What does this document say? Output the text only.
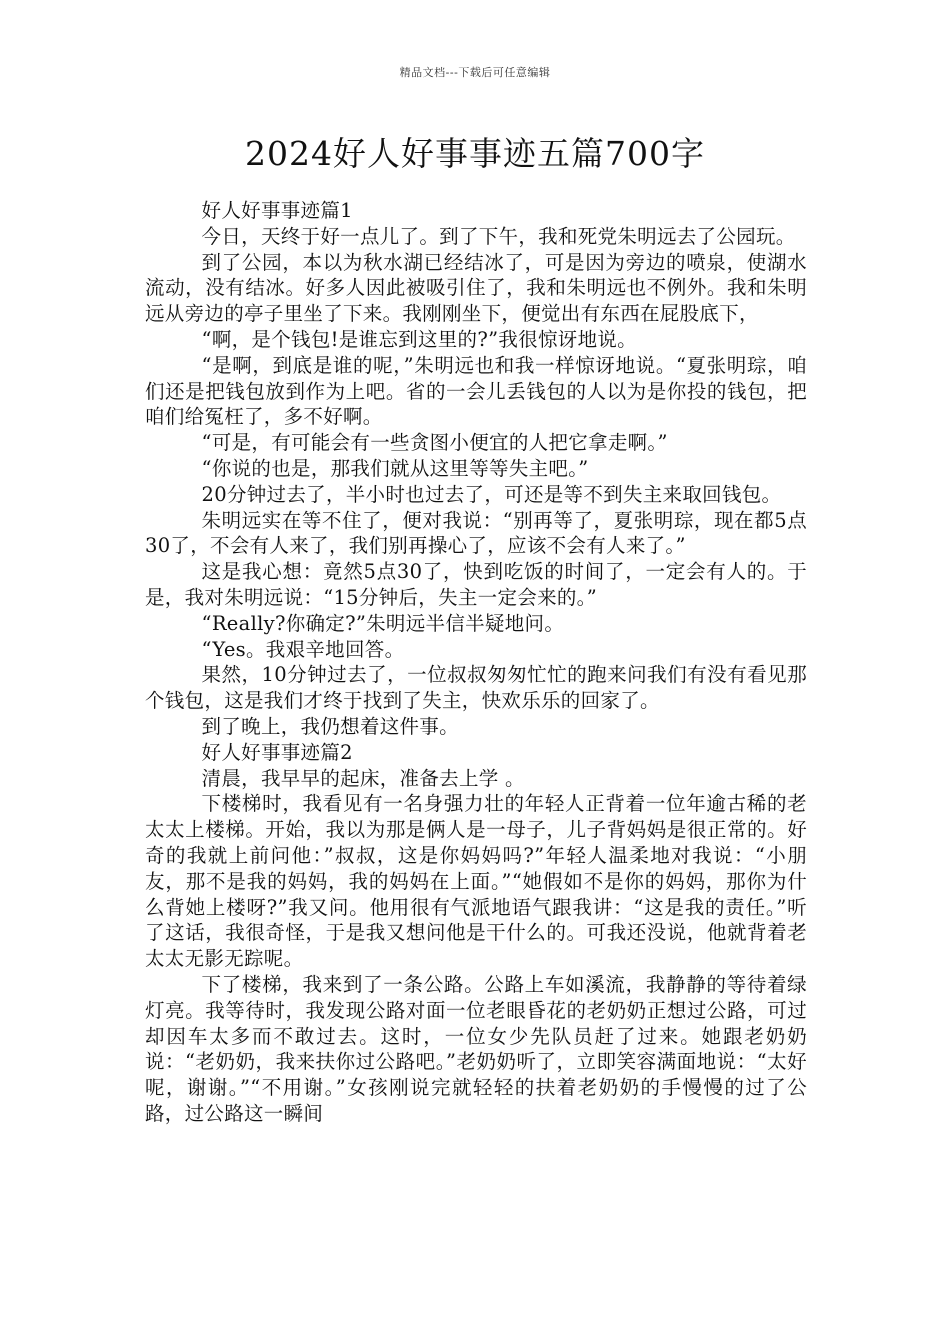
精品文档---下载后可任意编辑
2024好人好事事迹五篇700字

好人好事事迹篇1

今日，天终于好一点儿了。到了下午，我和死党朱明远去了公园玩。

到了公园，本以为秋水湖已经结冰了，可是因为旁边的喷泉，使湖水流动，没有结冰。好多人因此被吸引住了，我和朱明远也不例外。我和朱明远从旁边的亭子里坐了下来。我刚刚坐下，便觉出有东西在屁股底下，

“啊，是个钱包!是谁忘到这里的?”我很惊讶地说。

“是啊，到底是谁的呢，”朱明远也和我一样惊讶地说。“夏张明琮，咱们还是把钱包放到作为上吧。省的一会儿丢钱包的人以为是你投的钱包，把咱们给冤枉了，多不好啊。

“可是，有可能会有一些贪图小便宜的人把它拿走啊。”

“你说的也是，那我们就从这里等等失主吧。”

20分钟过去了，半小时也过去了，可还是等不到失主来取回钱包。

朱明远实在等不住了，便对我说：“别再等了，夏张明琮，现在都5点30了，不会有人来了，我们别再操心了，应该不会有人来了。”

这是我心想：竟然5点30了，快到吃饭的时间了，一定会有人的。于是，我对朱明远说：“15分钟后，失主一定会来的。”

“Really?你确定?”朱明远半信半疑地问。

“Yes。我艰辛地回答。

果然，10分钟过去了，一位叔叔匆匆忙忙的跑来问我们有没有看见那个钱包，这是我们才终于找到了失主，快欢乐乐的回家了。

到了晚上，我仍想着这件事。

好人好事事迹篇2

清晨，我早早的起床，准备去上学 。

下楼梯时，我看见有一名身强力壮的年轻人正背着一位年逾古稀的老太太上楼梯。开始，我以为那是俩人是一母子，儿子背妈妈是很正常的。好奇的我就上前问他：”叔叔，这是你妈妈吗?”年轻人温柔地对我说：“小朋友，那不是我的妈妈，我的妈妈在上面。”“她假如不是你的妈妈，那你为什么背她上楼呀?”我又问。他用很有气派地语气跟我讲：“这是我的责任。”听了这话，我很奇怪，于是我又想问他是干什么的。可我还没说，他就背着老太太无影无踪呢。

下了楼梯，我来到了一条公路。公路上车如溪流，我静静的等待着绿灯亮。我等待时，我发现公路对面一位老眼昏花的老奶奶正想过公路，可过却因车太多而不敢过去。这时，一位女少先队员赶了过来。她跟老奶奶说：“老奶奶，我来扶你过公路吧。”老奶奶听了，立即笑容满面地说：“太好呢，谢谢。”“不用谢。”女孩刚说完就轻轻的扶着老奶奶的手慢慢的过了公路，过公路这一瞬间
